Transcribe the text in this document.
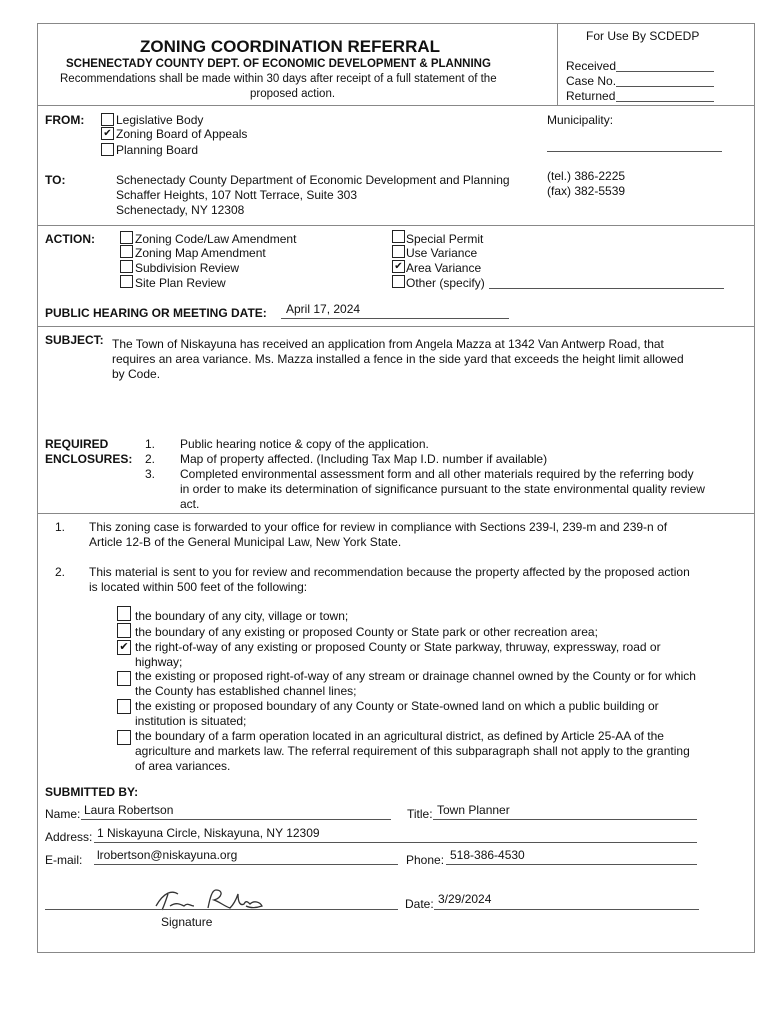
ZONING COORDINATION REFERRAL
SCHENECTADY COUNTY DEPT. OF ECONOMIC DEVELOPMENT & PLANNING
Recommendations shall be made within 30 days after receipt of a full statement of the
proposed action.
For Use By SCDEDP
Received
Case No.
Returned
FROM:	Legislative Body
✔ Zoning Board of Appeals
Planning Board
Municipality:
TO:	Schenectady County Department of Economic Development and Planning
Schaffer Heights, 107 Nott Terrace, Suite 303
Schenectady, NY 12308
(tel.) 386-2225
(fax) 382-5539
ACTION:	Zoning Code/Law Amendment
Zoning Map Amendment
Subdivision Review
Site Plan Review
Special Permit
Use Variance
✔ Area Variance
Other (specify)
PUBLIC HEARING OR MEETING DATE: April 17, 2024
SUBJECT: The Town of Niskayuna has received an application from Angela Mazza at 1342 Van Antwerp Road, that
requires an area variance. Ms. Mazza installed a fence in the side yard that exceeds the height limit allowed
by Code.
REQUIRED
ENCLOSURES:
1. Public hearing notice & copy of the application.
2. Map of property affected. (Including Tax Map I.D. number if available)
3. Completed environmental assessment form and all other materials required by the referring body
in order to make its determination of significance pursuant to the state environmental quality review
act.
1. This zoning case is forwarded to your office for review in compliance with Sections 239-l, 239-m and 239-n of
Article 12-B of the General Municipal Law, New York State.
2. This material is sent to you for review and recommendation because the property affected by the proposed action
is located within 500 feet of the following:
the boundary of any city, village or town;
the boundary of any existing or proposed County or State park or other recreation area;
✔ the right-of-way of any existing or proposed County or State parkway, thruway, expressway, road or
highway;
the existing or proposed right-of-way of any stream or drainage channel owned by the County or for which
the County has established channel lines;
the existing or proposed boundary of any County or State-owned land on which a public building or
institution is situated;
the boundary of a farm operation located in an agricultural district, as defined by Article 25-AA of the
agriculture and markets law. The referral requirement of this subparagraph shall not apply to the granting
of area variances.
SUBMITTED BY:
Name: Laura Robertson	Title: Town Planner
Address: 1 Niskayuna Circle, Niskayuna, NY 12309
E-mail: lrobertson@niskayuna.org	Phone: 518-386-4530
Signature
Date: 3/29/2024
